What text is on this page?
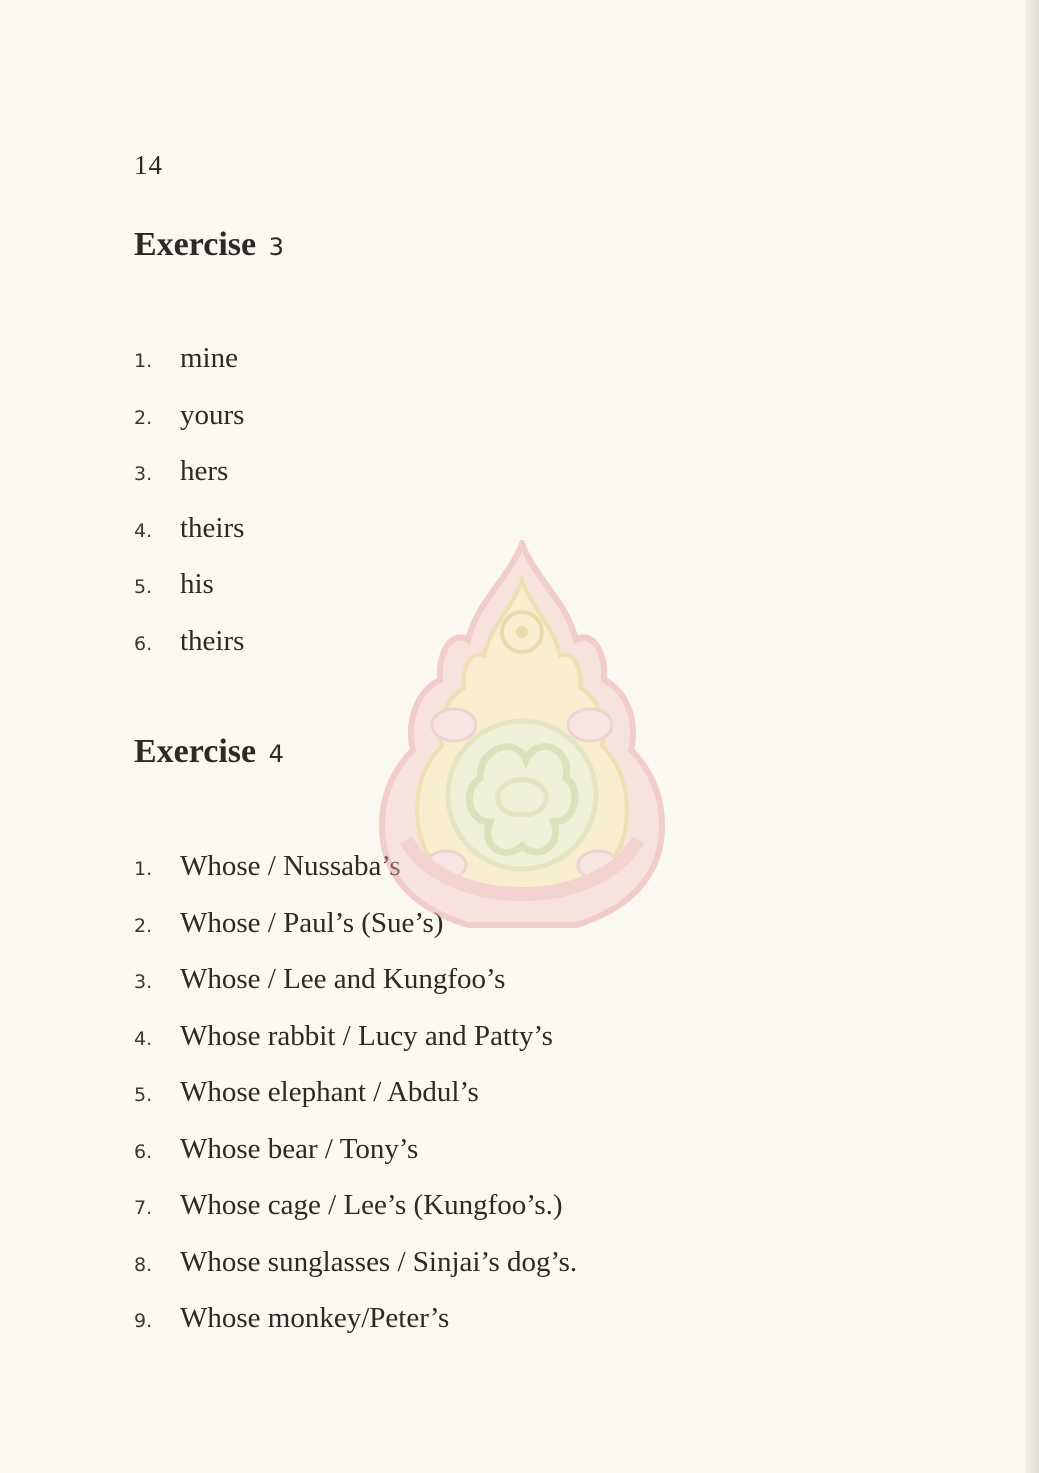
14
Exercise 3
1. mine
2. yours
3. hers
4. theirs
5. his
6. theirs
Exercise 4
1. Whose / Nussaba’s
2. Whose / Paul’s (Sue’s)
3. Whose / Lee and Kungfoo’s
4. Whose rabbit / Lucy and Patty’s
5. Whose elephant / Abdul’s
6. Whose bear / Tony’s
7. Whose cage / Lee’s (Kungfoo’s.)
8. Whose sunglasses / Sinjai’s dog’s.
9. Whose monkey/Peter’s
